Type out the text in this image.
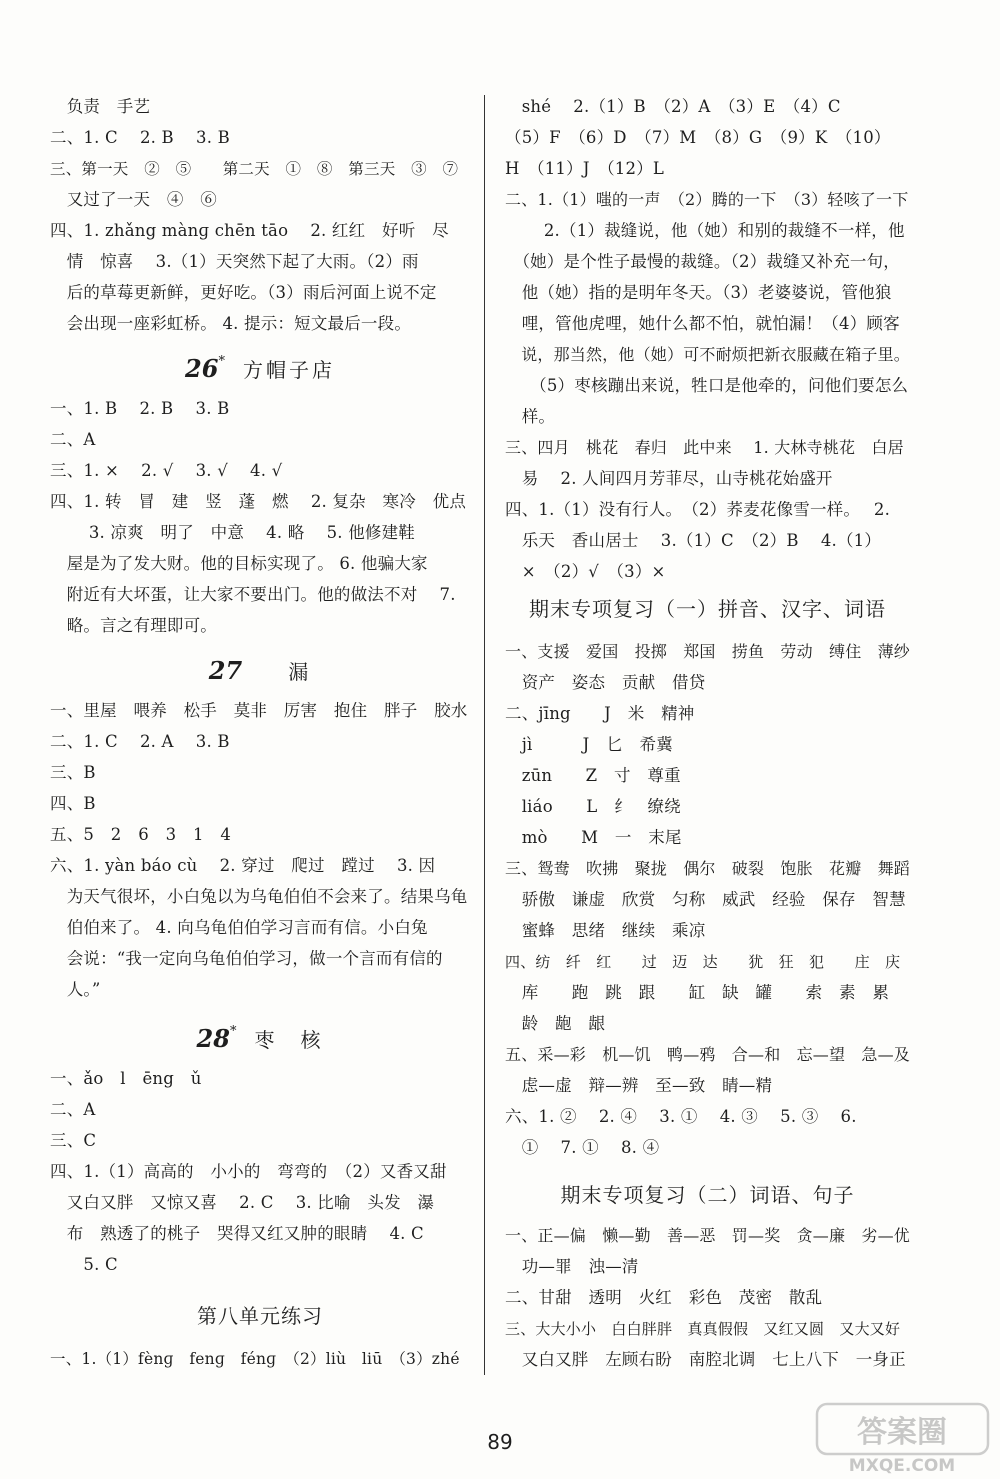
　负责　手艺
二、1. C　 2. B　 3. B
三、第一天　②　⑤　　第二天　①　⑧　第三天　③　⑦
　又过了一天　④　⑥
四、1. zhǎng mànɡ chēn tāo　 2. 红红　好听　尽
　情　惊喜　 3.（1）天突然下起了大雨。（2）雨
　后的草莓更新鲜，更好吃。（3）雨后河面上说不定
　会出现一座彩虹桥。 4. 提示：短文最后一段。
26* 方帽子店
一、1. B　 2. B　 3. B
二、A
三、1. ×　 2. √　 3. √　 4. √
四、1. 转　冒　建　竖　蓬　燃　 2. 复杂　寒冷　优点
　　 3. 凉爽　明了　中意　 4. 略　 5. 他修建鞋
　屋是为了发大财。他的目标实现了。 6. 他骗大家
　附近有大坏蛋，让大家不要出门。他的做法不对　 7.
　略。言之有理即可。
27 漏
一、里屋　喂养　松手　莫非　厉害　抱住　胖子　胶水
二、1. C　 2. A　 3. B
三、B
四、B
五、5　2　6　3　1　4
六、1. yàn báo cù　 2. 穿过　爬过　蹚过　 3. 因
　为天气很坏，小白兔以为乌龟伯伯不会来了。结果乌龟
　伯伯来了。 4. 向乌龟伯伯学习言而有信。小白兔
　会说：“我一定向乌龟伯伯学习，做一个言而有信的
　人。”
28* 枣　核
一、ǎo　l　ēng　ǔ
二、A
三、C
四、1.（1）高高的　小小的　弯弯的　（2）又香又甜
　又白又胖　又惊又喜　 2. C　 3. 比喻　头发　瀑
　布　熟透了的桃子　哭得又红又肿的眼睛　 4. C
　　5. C
第八单元练习
一、1.（1）fènɡ　fenɡ　fénɡ　（2）liù　liū　（3）zhé
　shé　 2.（1）B　（2）A　（3）E　（4）C
（5）F　（6）D　（7）M　（8）G　（9）K　（10）
H　（11）J　（12）L
二、1.（1）嗤的一声　（2）腾的一下　（3）轻咳了一下
　　 2.（1）裁缝说，他（她）和别的裁缝不一样，他
　（她）是个性子最慢的裁缝。（2）裁缝又补充一句，
　他（她）指的是明年冬天。（3）老婆婆说，管他狼
　哩，管他虎哩，她什么都不怕，就怕漏！（4）顾客
　说，那当然，他（她）可不耐烦把新衣服藏在箱子里。
　　（5）枣核蹦出来说，牲口是他牵的，问他们要怎么
　样。
三、四月　桃花　春归　此中来　 1. 大林寺桃花　白居
　易　 2. 人间四月芳菲尽，山寺桃花始盛开
四、1.（1）没有行人。　（2）荞麦花像雪一样。　 2.
　乐天　香山居士　 3.（1）C　（2）B　 4.（1）
　×　（2）√　（3）×
期末专项复习（一）拼音、汉字、词语
一、支援　爱国　投掷　郑国　捞鱼　劳动　缚住　薄纱
　资产　姿态　贡献　借贷
二、jīng　　J　米　精神
　jì　　　J　匕　希冀
　zūn　　Z　寸　尊重
　liáo　　L　纟　缭绕
　mò　　M　一　末尾
三、鸳鸯　吹拂　聚拢　偶尔　破裂　饱胀　花瓣　舞蹈
　骄傲　谦虚　欣赏　匀称　威武　经验　保存　智慧
　蜜蜂　思绪　继续　乘凉
四、纺　纤　红　　过　迈　达　　犹　狂　犯　　庄　庆
　库　　跑　跳　跟　　缸　缺　罐　　索　素　累
　龄　龅　龈
五、采—彩　机—饥　鸭—鸦　合—和　忘—望　急—及
　虑—虚　辩—辨　至—致　睛—精
六、1. ②　 2. ④　 3. ①　 4. ③　 5. ③　 6.
　①　 7. ①　 8. ④
期末专项复习（二）词语、句子
一、正—偏　懒—勤　善—恶　罚—奖　贪—廉　劣—优
　功—罪　浊—清
二、甘甜　透明　火红　彩色　茂密　散乱
三、大大小小　白白胖胖　真真假假　又红又圆　又大又好
　又白又胖　左顾右盼　南腔北调　七上八下　一身正
89	答案圈
MXQE.COM
